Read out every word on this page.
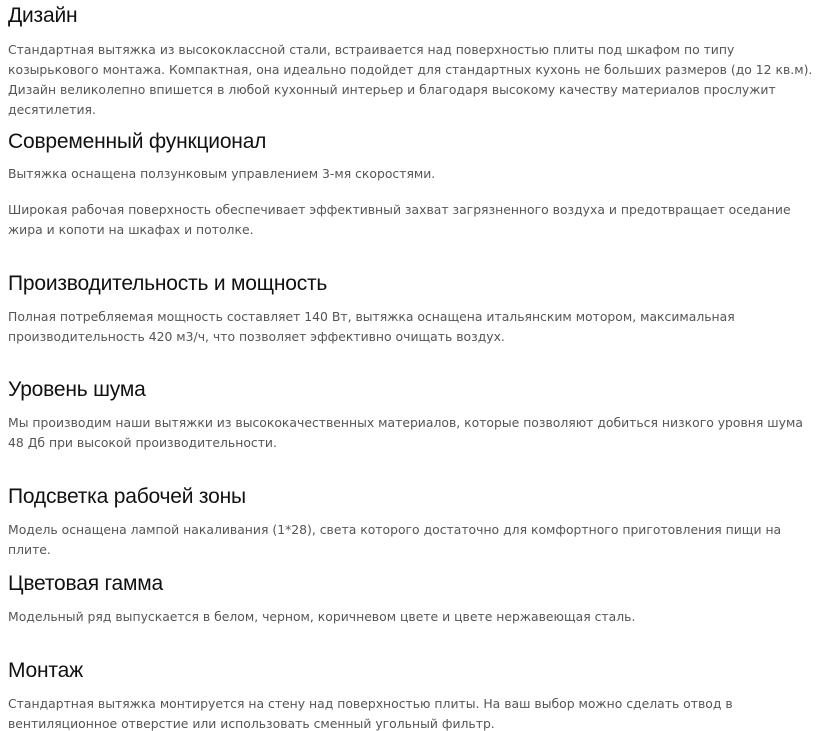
Дизайн

Стандартная вытяжка из высококлассной стали, встраивается над поверхностью плиты под шкафом по типу козырькового монтажа. Компактная, она идеально подойдет для стандартных кухонь не больших размеров (до 12 кв.м). Дизайн великолепно впишется в любой кухонный интерьер и благодаря высокому качеству материалов прослужит десятилетия.

Современный функционал

Вытяжка оснащена ползунковым управлением 3-мя скоростями.

Широкая рабочая поверхность обеспечивает эффективный захват загрязненного воздуха и предотвращает оседание жира и копоти на шкафах и потолке.

Производительность и мощность

Полная потребляемая мощность составляет 140 Вт, вытяжка оснащена итальянским мотором, максимальная производительность 420 м3/ч, что позволяет эффективно очищать воздух.

Уровень шума

Мы производим наши вытяжки из высококачественных материалов, которые позволяют добиться низкого уровня шума 48 Дб при высокой производительности.

Подсветка рабочей зоны

Модель оснащена лампой накаливания (1*28), света которого достаточно для комфортного приготовления пищи на плите.

Цветовая гамма

Модельный ряд выпускается в белом, черном, коричневом цвете и цвете нержавеющая сталь.

Монтаж

Стандартная вытяжка монтируется на стену над поверхностью плиты. На ваш выбор можно сделать отвод в вентиляционное отверстие или использовать сменный угольный фильтр.
